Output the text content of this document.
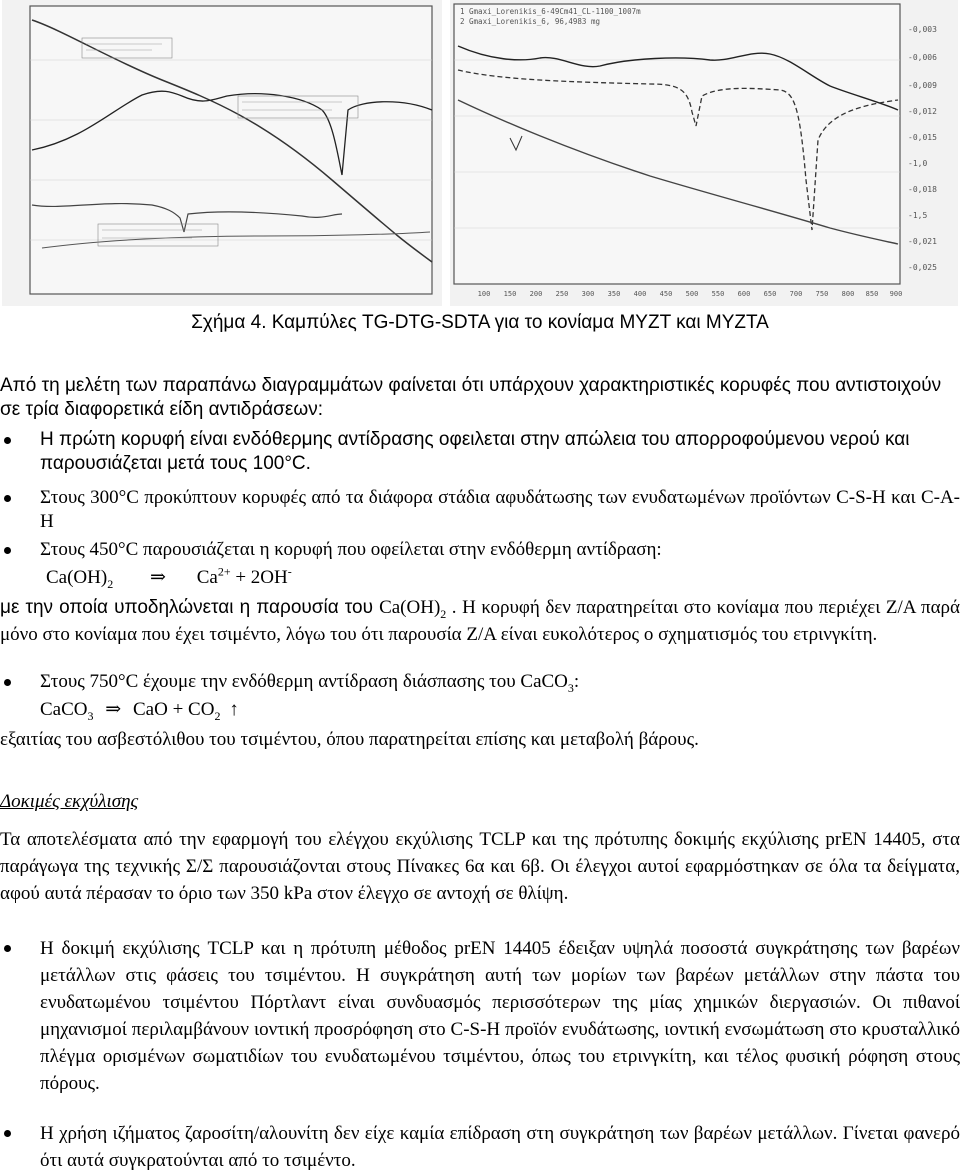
1 Gmaxi_Lorenikis_6-49Cm41_CL-1100_1007m
2 Gmaxi_Lorenikis_6, 96,4983 mg
-0,003
-0,006
-0,009
-0,012
-0,015
-1,0
-0,018
-1,5
-0,021
-0,025
100 150 200 250 300 350 400 450 500 550 600 650 700 750 800 850 900
Σχήμα 4. Καμπύλες TG-DTG-SDTA για το κονίαμα ΜΥΖΤ και ΜΥΖΤΑ

Από τη μελέτη των παραπάνω διαγραμμάτων φαίνεται ότι υπάρχουν χαρακτηριστικές κορυφές που αντιστοιχούν σε τρία διαφορετικά είδη αντιδράσεων:

Η πρώτη κορυφή είναι ενδόθερμης αντίδρασης οφειλεται στην απώλεια του απορροφούμενου νερού και παρουσιάζεται μετά τους 100°C.

Στους 300°C προκύπτουν κορυφές από τα διάφορα στάδια αφυδάτωσης των ενυδατωμένων προϊόντων C-S-H και C-A-H

Στους 450°C παρουσιάζεται η κορυφή που οφείλεται στην ενδόθερμη αντίδραση:

$Ca(OH)_2$ ⇒ $Ca^{2+} + 2OH^-$

με την οποία υποδηλώνεται η παρουσία του $Ca(OH)_2$ . Η κορυφή δεν παρατηρείται στο κονίαμα που περιέχει Ζ/Α παρά μόνο στο κονίαμα που έχει τσιμέντο, λόγω του ότι παρουσία Ζ/Α είναι ευκολότερος ο σχηματισμός του ετρινγκίτη.

Στους 750°C έχουμε την ενδόθερμη αντίδραση διάσπασης του CaCO$_3$:

CaCO$_3$ ⇒ CaO + $CO_2$ ↑

εξαιτίας του ασβεστόλιθου του τσιμέντου, όπου παρατηρείται επίσης και μεταβολή βάρους.

Δοκιμές εκχύλισης

Τα αποτελέσματα από την εφαρμογή του ελέγχου εκχύλισης TCLP και της πρότυπης δοκιμής εκχύλισης prEN 14405, στα παράγωγα της τεχνικής Σ/Σ παρουσιάζονται στους Πίνακες 6α και 6β. Οι έλεγχοι αυτοί εφαρμόστηκαν σε όλα τα δείγματα, αφού αυτά πέρασαν το όριο των 350 kPa στον έλεγχο σε αντοχή σε θλίψη.

Η δοκιμή εκχύλισης TCLP και η πρότυπη μέθοδος prEN 14405 έδειξαν υψηλά ποσοστά συγκράτησης των βαρέων μετάλλων στις φάσεις του τσιμέντου. Η συγκράτηση αυτή των μορίων των βαρέων μετάλλων στην πάστα του ενυδατωμένου τσιμέντου Πόρτλαντ είναι συνδυασμός περισσότερων της μίας χημικών διεργασιών. Οι πιθανοί μηχανισμοί περιλαμβάνουν ιοντική προσρόφηση στο C-S-H προϊόν ενυδάτωσης, ιοντική ενσωμάτωση στο κρυσταλλικό πλέγμα ορισμένων σωματιδίων του ενυδατωμένου τσιμέντου, όπως του ετρινγκίτη, και τέλος φυσική ρόφηση στους πόρους.

Η χρήση ιζήματος ζαροσίτη/αλουνίτη δεν είχε καμία επίδραση στη συγκράτηση των βαρέων μετάλλων. Γίνεται φανερό ότι αυτά συγκρατούνται από το τσιμέντο.
